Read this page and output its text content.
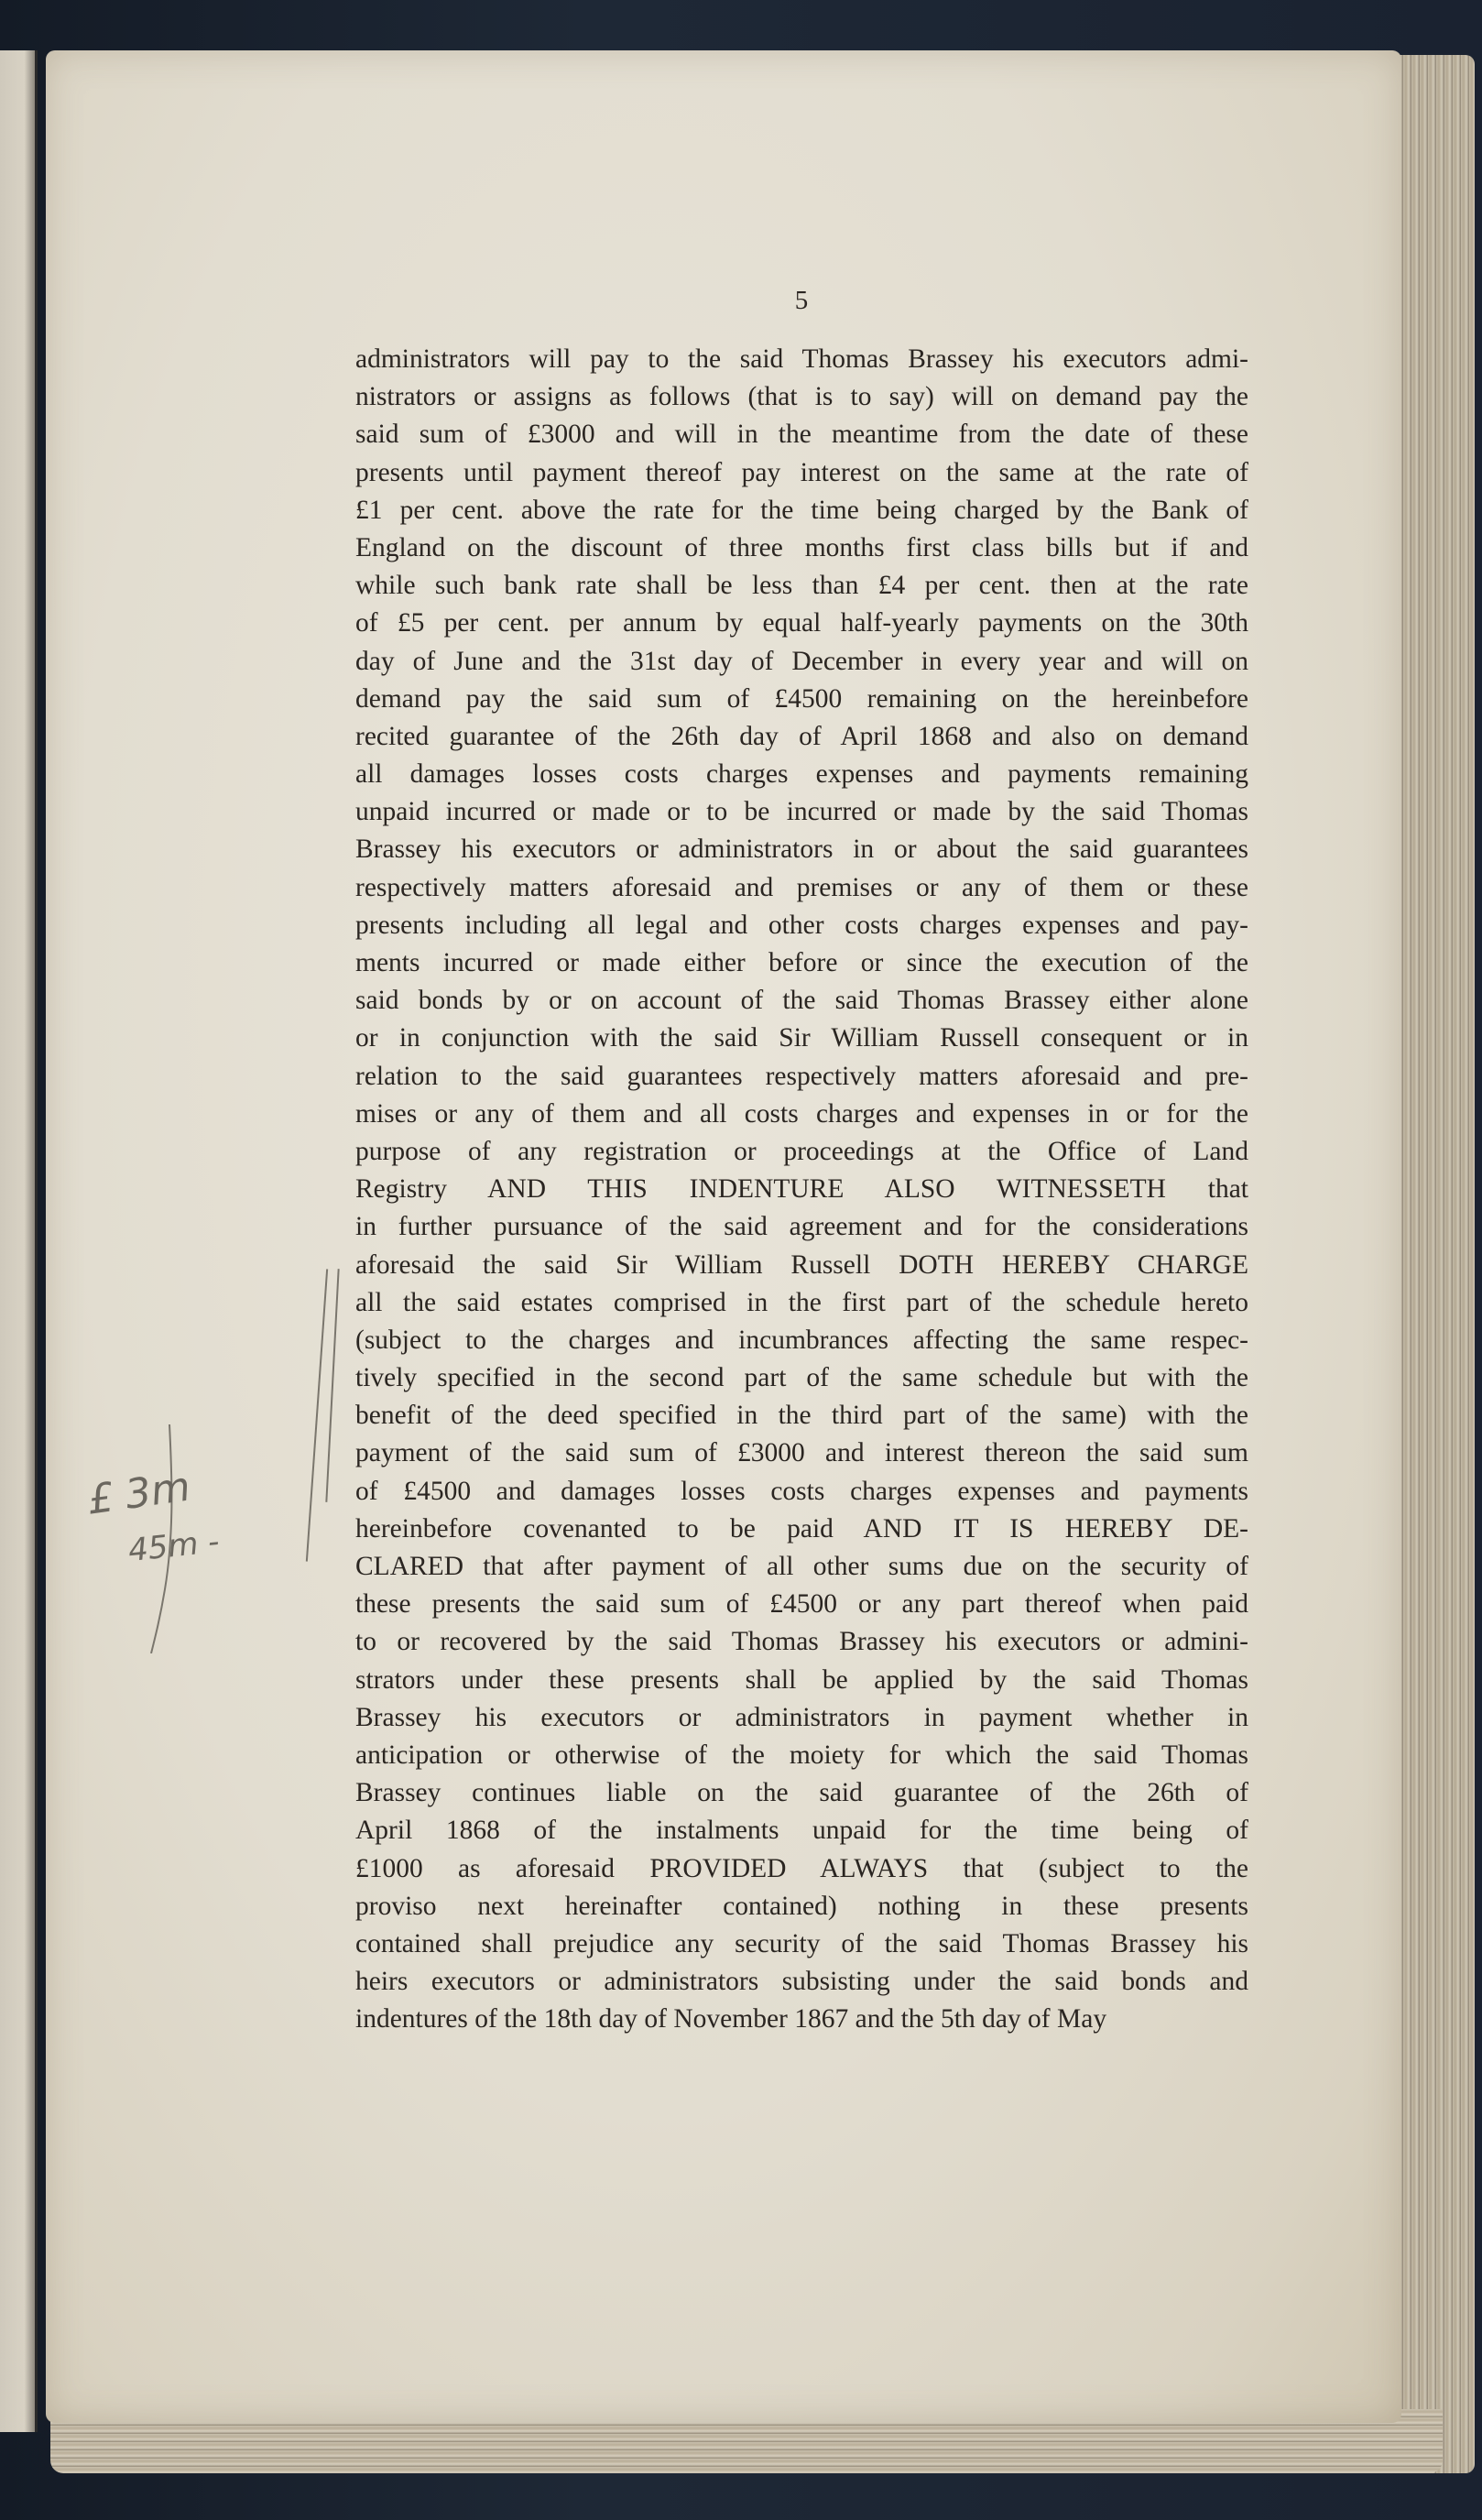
5
administrators will pay to the said Thomas Brassey his executors admi-
nistrators or assigns as follows (that is to say) will on demand pay the
said sum of £3000 and will in the meantime from the date of these
presents until payment thereof pay interest on the same at the rate of
£1 per cent. above the rate for the time being charged by the Bank of
England on the discount of three months first class bills but if and
while such bank rate shall be less than £4 per cent. then at the rate
of £5 per cent. per annum by equal half-yearly payments on the 30th
day of June and the 31st day of December in every year and will on
demand pay the said sum of £4500 remaining on the hereinbefore
recited guarantee of the 26th day of April 1868 and also on demand
all damages losses costs charges expenses and payments remaining
unpaid incurred or made or to be incurred or made by the said Thomas
Brassey his executors or administrators in or about the said guarantees
respectively matters aforesaid and premises or any of them or these
presents including all legal and other costs charges expenses and pay-
ments incurred or made either before or since the execution of the
said bonds by or on account of the said Thomas Brassey either alone
or in conjunction with the said Sir William Russell consequent or in
relation to the said guarantees respectively matters aforesaid and pre-
mises or any of them and all costs charges and expenses in or for the
purpose of any registration or proceedings at the Office of Land
Registry AND THIS INDENTURE ALSO WITNESSETH that
in further pursuance of the said agreement and for the considerations
aforesaid the said Sir William Russell DOTH HEREBY CHARGE
all the said estates comprised in the first part of the schedule hereto
(subject to the charges and incumbrances affecting the same respec-
tively specified in the second part of the same schedule but with the
benefit of the deed specified in the third part of the same) with the
payment of the said sum of £3000 and interest thereon the said sum
of £4500 and damages losses costs charges expenses and payments
hereinbefore covenanted to be paid AND IT IS HEREBY DE-
CLARED that after payment of all other sums due on the security of
these presents the said sum of £4500 or any part thereof when paid
to or recovered by the said Thomas Brassey his executors or admini-
strators under these presents shall be applied by the said Thomas
Brassey his executors or administrators in payment whether in
anticipation or otherwise of the moiety for which the said Thomas
Brassey continues liable on the said guarantee of the 26th of
April 1868 of the instalments unpaid for the time being of
£1000 as aforesaid PROVIDED ALWAYS that (subject to the
proviso next hereinafter contained) nothing in these presents
contained shall prejudice any security of the said Thomas Brassey his
heirs executors or administrators subsisting under the said bonds and
indentures of the 18th day of November 1867 and the 5th day of May
£ 3m
45m -
